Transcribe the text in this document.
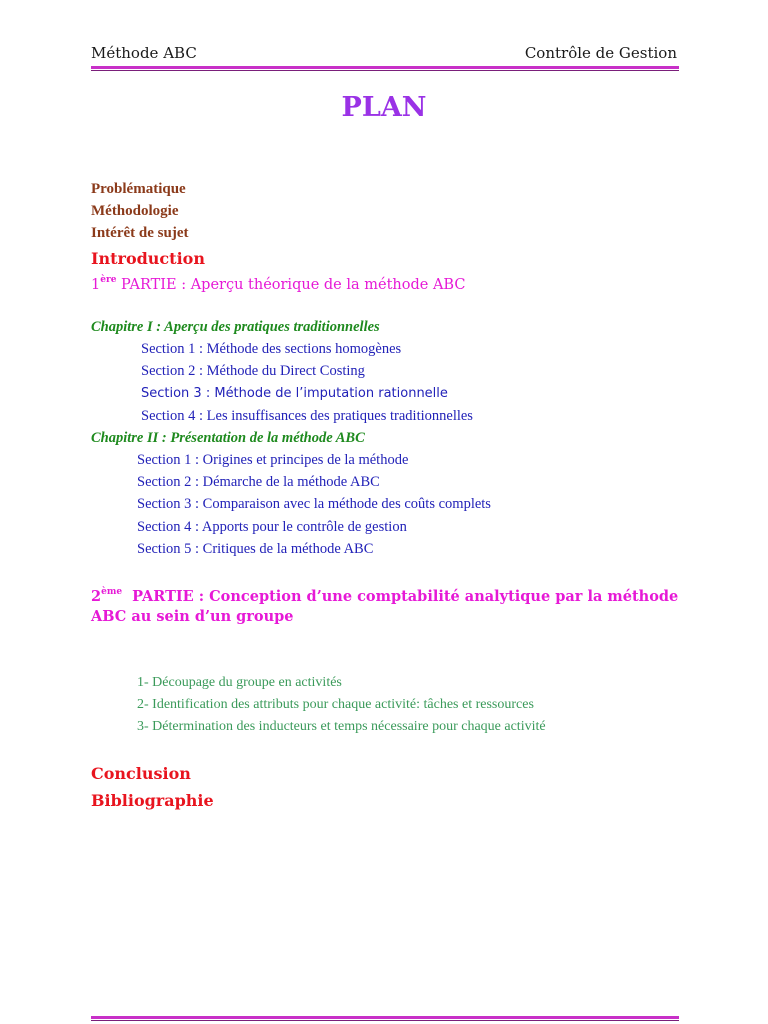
Méthode ABC	Contrôle de Gestion
PLAN
Problématique
Méthodologie
Intérêt de sujet
Introduction
1ère PARTIE : Aperçu théorique de la méthode ABC
Chapitre I : Aperçu des pratiques traditionnelles
Section 1 : Méthode des sections homogènes
Section 2 : Méthode du Direct Costing
Section 3 : Méthode de l’imputation rationnelle
Section 4 : Les insuffisances des pratiques traditionnelles
Chapitre II : Présentation de la méthode ABC
Section 1 : Origines et principes de la méthode
Section 2 : Démarche de la méthode ABC
Section 3 : Comparaison avec la méthode des coûts complets
Section 4 : Apports pour le contrôle de gestion
Section 5 : Critiques de la méthode ABC
2ème  PARTIE : Conception d’une comptabilité analytique par la méthode
ABC au sein d’un groupe
1- Découpage du groupe en activités
2- Identification des attributs pour chaque activité: tâches et ressources
3- Détermination des inducteurs et temps nécessaire pour chaque activité
Conclusion
Bibliographie
